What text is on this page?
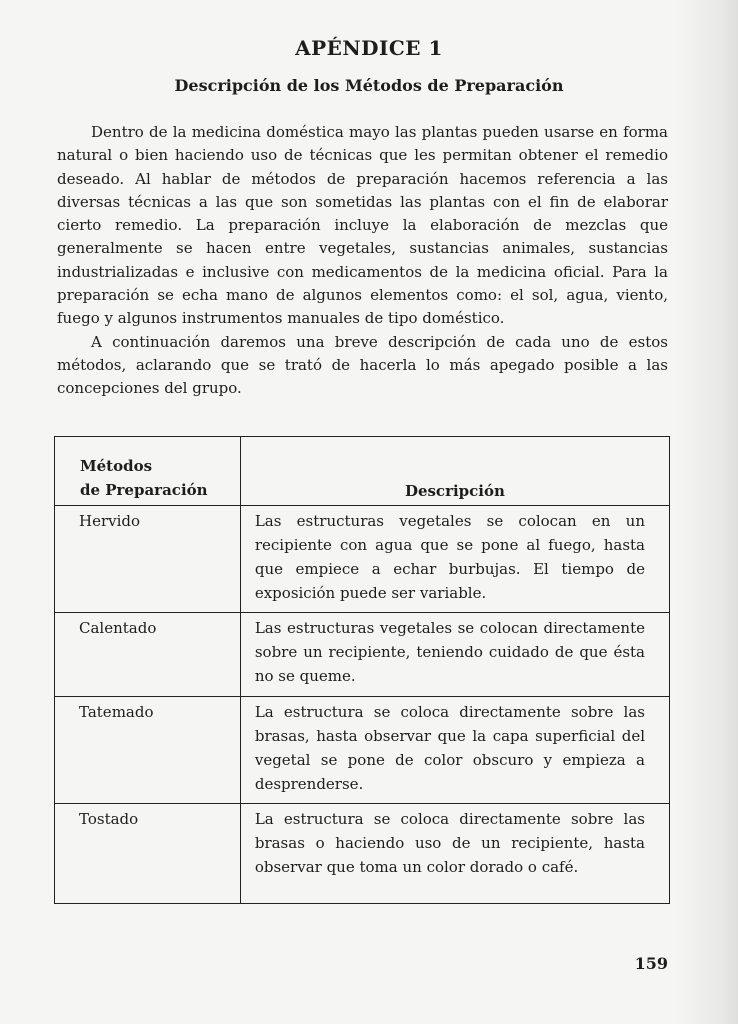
APÉNDICE 1
Descripción de los Métodos de Preparación

Dentro de la medicina doméstica mayo las plantas pueden usarse en forma natural o bien haciendo uso de técnicas que les permitan obtener el remedio deseado. Al hablar de métodos de preparación hacemos referencia a las diversas técnicas a las que son sometidas las plantas con el fin de elaborar cierto remedio. La preparación incluye la elaboración de mezclas que generalmente se hacen entre vegetales, sustancias animales, sustancias industrializadas e inclusive con medicamentos de la medicina oficial. Para la preparación se echa mano de algunos elementos como: el sol, agua, viento, fuego y algunos instrumentos manuales de tipo doméstico.

A continuación daremos una breve descripción de cada uno de estos métodos, aclarando que se trató de hacerla lo más apegado posible a las concepciones del grupo.

Métodos
de Preparación	Descripción
Hervido	Las estructuras vegetales se colocan en un recipiente con agua que se pone al fuego, hasta que empiece a echar burbujas. El tiempo de exposición puede ser variable.
Calentado	Las estructuras vegetales se colocan directamente sobre un recipiente, teniendo cuidado de que ésta no se queme.
Tatemado	La estructura se coloca directamente sobre las brasas, hasta observar que la capa superficial del vegetal se pone de color obscuro y empieza a desprenderse.
Tostado	La estructura se coloca directamente sobre las brasas o haciendo uso de un recipiente, hasta observar que toma un color dorado o café.
159
